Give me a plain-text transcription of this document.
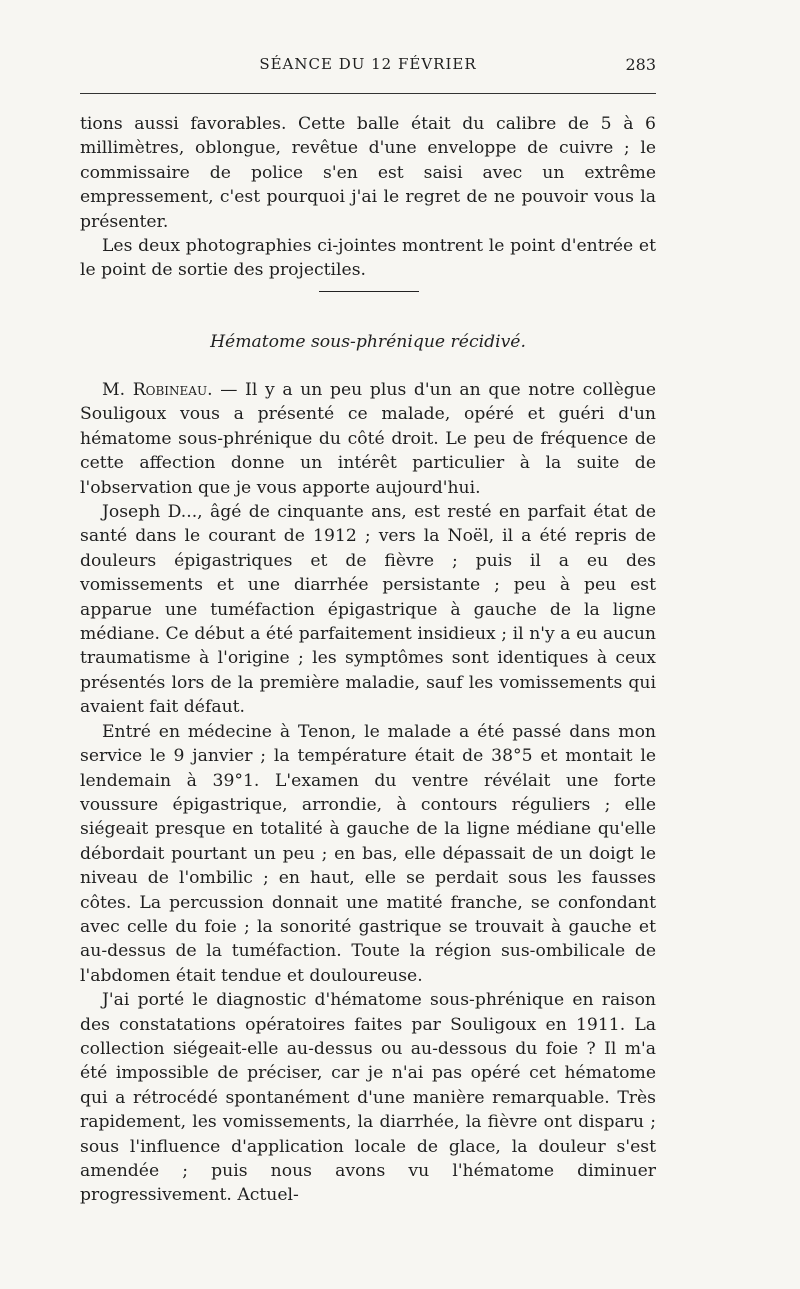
SÉANCE DU 12 FÉVRIER	283

tions aussi favorables. Cette balle était du calibre de 5 à 6 millimètres, oblongue, revêtue d'une enveloppe de cuivre ; le commissaire de police s'en est saisi avec un extrême empressement, c'est pourquoi j'ai le regret de ne pouvoir vous la présenter.

Les deux photographies ci-jointes montrent le point d'entrée et le point de sortie des projectiles.

Hématome sous-phrénique récidivé.

M. Robineau. — Il y a un peu plus d'un an que notre collègue Souligoux vous a présenté ce malade, opéré et guéri d'un hématome sous-phrénique du côté droit. Le peu de fréquence de cette affection donne un intérêt particulier à la suite de l'observation que je vous apporte aujourd'hui.

Joseph D..., âgé de cinquante ans, est resté en parfait état de santé dans le courant de 1912 ; vers la Noël, il a été repris de douleurs épigastriques et de fièvre ; puis il a eu des vomissements et une diarrhée persistante ; peu à peu est apparue une tuméfaction épigastrique à gauche de la ligne médiane. Ce début a été parfaitement insidieux ; il n'y a eu aucun traumatisme à l'origine ; les symptômes sont identiques à ceux présentés lors de la première maladie, sauf les vomissements qui avaient fait défaut.

Entré en médecine à Tenon, le malade a été passé dans mon service le 9 janvier ; la température était de 38°5 et montait le lendemain à 39°1. L'examen du ventre révélait une forte voussure épigastrique, arrondie, à contours réguliers ; elle siégeait presque en totalité à gauche de la ligne médiane qu'elle débordait pourtant un peu ; en bas, elle dépassait de un doigt le niveau de l'ombilic ; en haut, elle se perdait sous les fausses côtes. La percussion donnait une matité franche, se confondant avec celle du foie ; la sonorité gastrique se trouvait à gauche et au-dessus de la tuméfaction. Toute la région sus-ombilicale de l'abdomen était tendue et douloureuse.

J'ai porté le diagnostic d'hématome sous-phrénique en raison des constatations opératoires faites par Souligoux en 1911. La collection siégeait-elle au-dessus ou au-dessous du foie ? Il m'a été impossible de préciser, car je n'ai pas opéré cet hématome qui a rétrocédé spontanément d'une manière remarquable. Très rapidement, les vomissements, la diarrhée, la fièvre ont disparu ; sous l'influence d'application locale de glace, la douleur s'est amendée ; puis nous avons vu l'hématome diminuer progressivement. Actuel-
